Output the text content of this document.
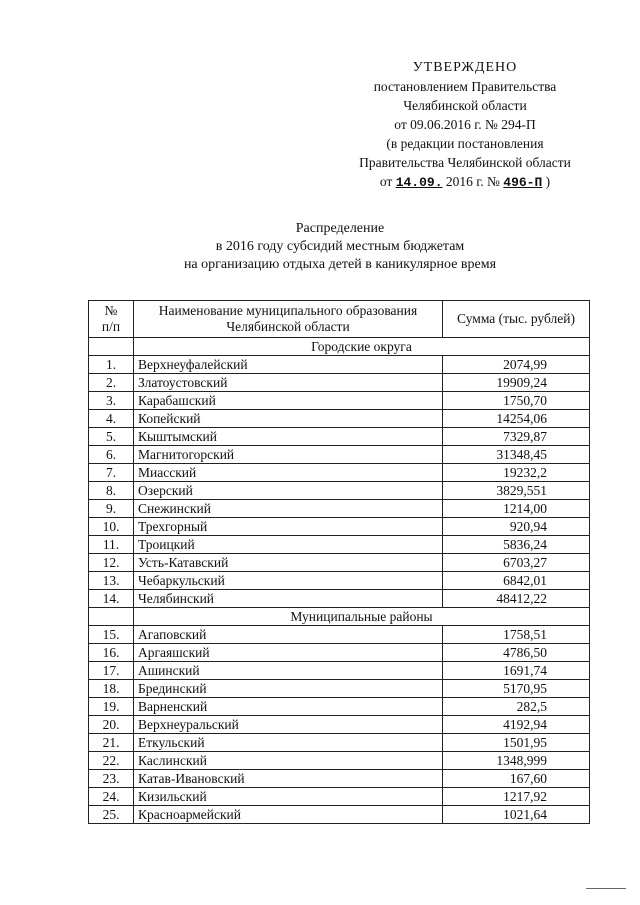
УТВЕРЖДЕНО
постановлением Правительства
Челябинской области
от 09.06.2016 г. № 294-П
(в редакции постановления
Правительства Челябинской области
от 14.09. 2016 г. № 496-П )
Распределение
в 2016 году субсидий местным бюджетам
на организацию отдыха детей в каникулярное время
№
п/п	Наименование муниципального образования Челябинской области	Сумма (тыс. рублей)
	Городские округа	
1.	Верхнеуфалейский	2074,99
2.	Златоустовский	19909,24
3.	Карабашский	1750,70
4.	Копейский	14254,06
5.	Кыштымский	7329,87
6.	Магнитогорский	31348,45
7.	Миасский	19232,2
8.	Озерский	3829,551
9.	Снежинский	1214,00
10.	Трехгорный	920,94
11.	Троицкий	5836,24
12.	Усть-Катавский	6703,27
13.	Чебаркульский	6842,01
14.	Челябинский	48412,22
	Муниципальные районы	
15.	Агаповский	1758,51
16.	Аргаяшский	4786,50
17.	Ашинский	1691,74
18.	Брединский	5170,95
19.	Варненский	282,5
20.	Верхнеуральский	4192,94
21.	Еткульский	1501,95
22.	Каслинский	1348,999
23.	Катав-Ивановский	167,60
24.	Кизильский	1217,92
25.	Красноармейский	1021,64
